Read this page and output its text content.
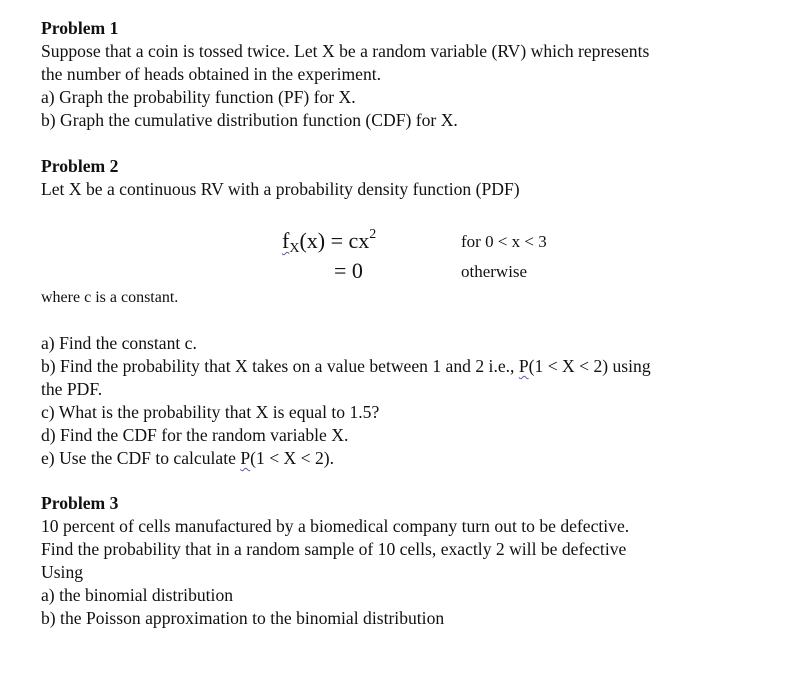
Problem 1
Suppose that a coin is tossed twice. Let X be a random variable (RV) which represents
the number of heads obtained in the experiment.
a) Graph the probability function (PF) for X.
b) Graph the cumulative distribution function (CDF) for X.
Problem 2
Let X be a continuous RV with a probability density function (PDF)
$f_X(x) = cx^2$	for 0 < x < 3
= 0	otherwise
where c is a constant.
a) Find the constant c.
b) Find the probability that X takes on a value between 1 and 2 i.e., P(1 < X < 2) using
the PDF.
c) What is the probability that X is equal to 1.5?
d) Find the CDF for the random variable X.
e) Use the CDF to calculate P(1 < X < 2).
Problem 3
10 percent of cells manufactured by a biomedical company turn out to be defective.
Find the probability that in a random sample of 10 cells, exactly 2 will be defective
Using
a) the binomial distribution
b) the Poisson approximation to the binomial distribution
